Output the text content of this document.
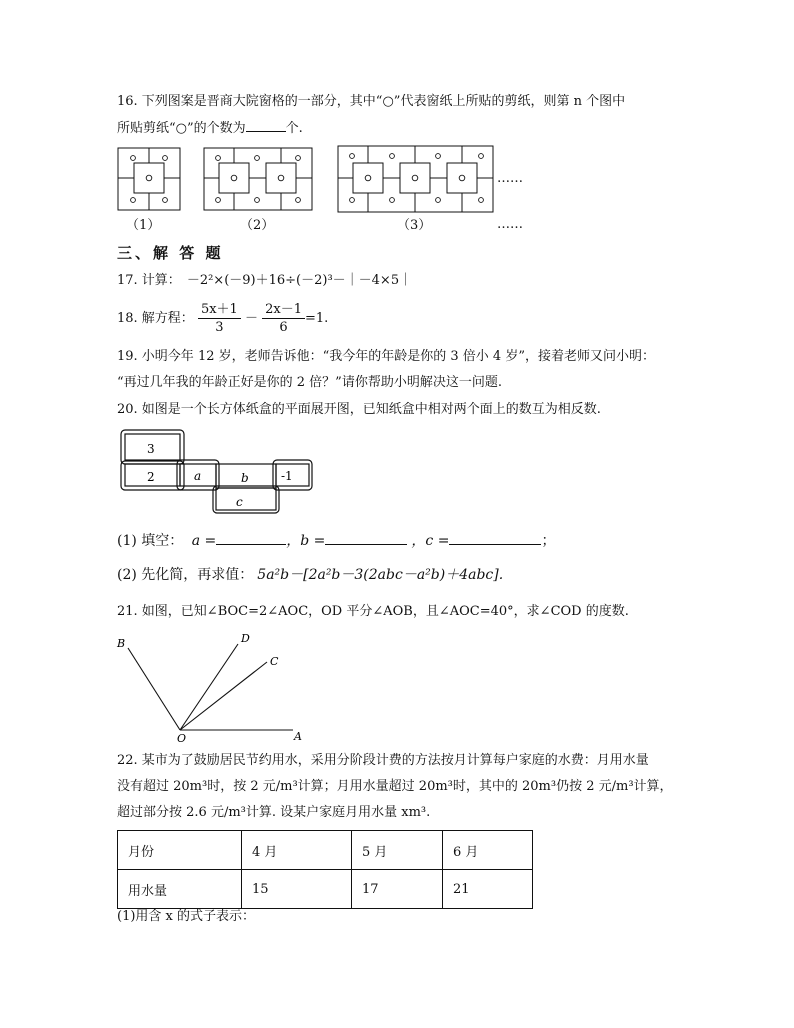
16. 下列图案是晋商大院窗格的一部分，其中“○”代表窗纸上所贴的剪纸，则第 n 个图中
所贴剪纸“○”的个数为	个.
……
……
（1）	（2）	（3）
三、解 答 题
17. 计算： －2²×(－9)＋16÷(－2)³－｜－4×5｜
18. 解方程： $\frac{5x+1}{3} - \frac{2x-1}{6} =1$.
19. 小明今年 12 岁，老师告诉他：“我今年的年龄是你的 3 倍小 4 岁”，接着老师又问小明：
“再过几年我的年龄正好是你的 2 倍？”请你帮助小明解决这一问题.
20. 如图是一个长方体纸盒的平面展开图，已知纸盒中相对两个面上的数互为相反数.
3
2	a	b	-1
c
(1) 填空： a =	，b =	，c =	；
(2) 先化简，再求值： 5a²b－[2a²b－3(2abc－a²b)＋4abc].
21. 如图，已知∠BOC=2∠AOC，OD 平分∠AOB，且∠AOC=40°，求∠COD 的度数.
B	D
C
O	A
22. 某市为了鼓励居民节约用水，采用分阶段计费的方法按月计算每户家庭的水费：月用水量
没有超过 20m³时，按 2 元/m³计算；月用水量超过 20m³时，其中的 20m³仍按 2 元/m³计算，
超过部分按 2.6 元/m³计算. 设某户家庭月用水量 xm³.
月份	4 月	5 月	6 月
用水量	15	17	21
(1)用含 x 的式子表示：
